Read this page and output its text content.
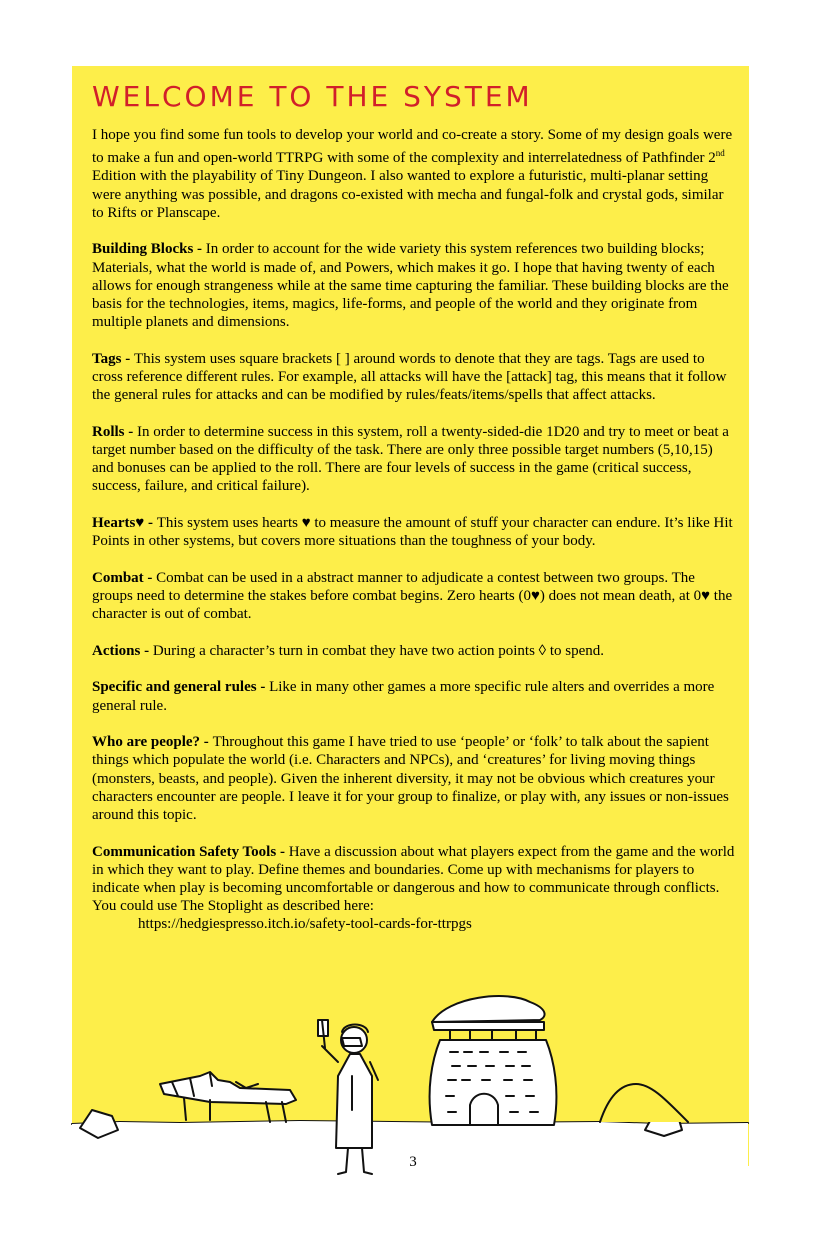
WELCOME TO THE SYSTEM

I hope you find some fun tools to develop your world and co-create a story. Some of my design goals were to make a fun and open-world TTRPG with some of the complexity and interrelatedness of Pathfinder 2nd Edition with the playability of Tiny Dungeon. I also wanted to explore a futuristic, multi-planar setting were anything was possible, and dragons co-existed with mecha and fungal-folk and crystal gods, similar to Rifts or Planscape.

Building Blocks - In order to account for the wide variety this system references two building blocks; Materials, what the world is made of, and Powers, which makes it go. I hope that having twenty of each allows for enough strangeness while at the same time capturing the familiar. These building blocks are the basis for the technologies, items, magics, life-forms, and people of the world and they originate from multiple planets and dimensions.

Tags - This system uses square brackets [ ] around words to denote that they are tags. Tags are used to cross reference different rules. For example, all attacks will have the [attack] tag, this means that it follow the general rules for attacks and can be modified by rules/feats/items/spells that affect attacks.

Rolls - In order to determine success in this system, roll a twenty-sided-die 1D20 and try to meet or beat a target number based on the difficulty of the task. There are only three possible target numbers (5,10,15) and bonuses can be applied to the roll. There are four levels of success in the game (critical success, success, failure, and critical failure).

Hearts♥ - This system uses hearts ♥ to measure the amount of stuff your character can endure. It’s like Hit Points in other systems, but covers more situations than the toughness of your body.

Combat - Combat can be used in a abstract manner to adjudicate a contest between two groups. The groups need to determine the stakes before combat begins. Zero hearts (0♥) does not mean death, at 0♥ the character is out of combat.

Actions - During a character’s turn in combat they have two action points ◊ to spend.

Specific and general rules - Like in many other games a more specific rule alters and overrides a more general rule.

Who are people? - Throughout this game I have tried to use ‘people’ or ‘folk’ to talk about the sapient things which populate the world (i.e. Characters and NPCs), and ‘creatures’ for living moving things (monsters, beasts, and people). Given the inherent diversity, it may not be obvious which creatures your characters encounter are people. I leave it for your group to finalize, or play with, any issues or non-issues around this topic.

Communication Safety Tools - Have a discussion about what players expect from the game and the world in which they want to play. Define themes and boundaries. Come up with mechanisms for players to indicate when play is becoming uncomfortable or dangerous and how to communicate through conflicts. You could use The Stoplight as described here:
https://hedgiespresso.itch.io/safety-tool-cards-for-ttrpgs

3
